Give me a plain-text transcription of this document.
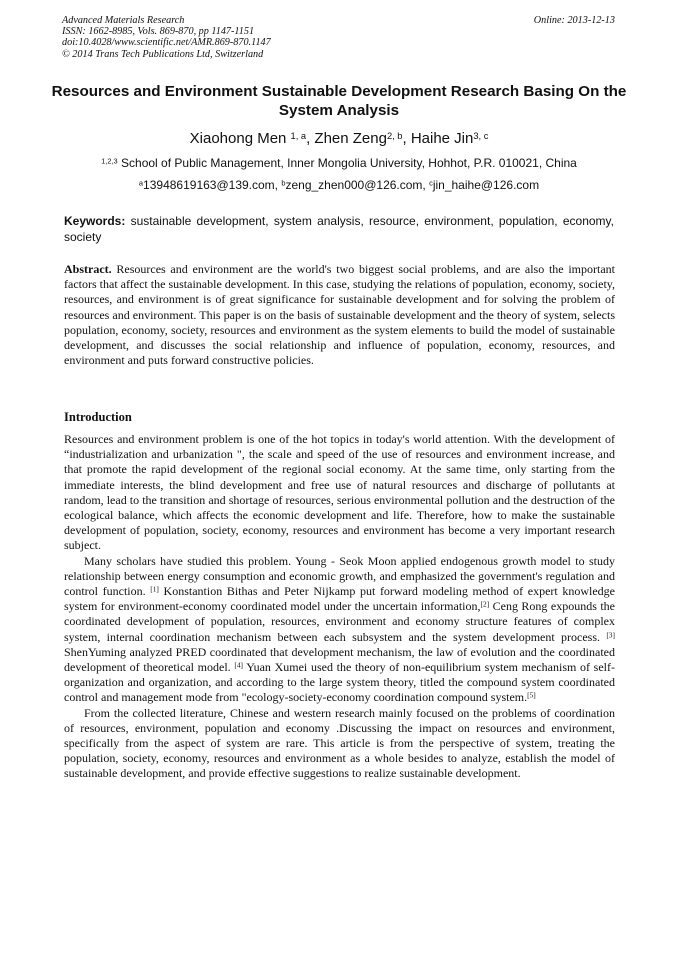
Advanced Materials Research
ISSN: 1662-8985, Vols. 869-870, pp 1147-1151
doi:10.4028/www.scientific.net/AMR.869-870.1147
© 2014 Trans Tech Publications Ltd, Switzerland
Online: 2013-12-13
Resources and Environment Sustainable Development Research Basing On the System Analysis
Xiaohong Men $^{1, a}$, Zhen Zeng$^{2, b}$, Haihe Jin$^{3, c}$
$^{1,2,3}$ School of Public Management, Inner Mongolia University, Hohhot, P.R. 010021, China
$^a$13948619163@139.com, $^b$zeng_zhen000@126.com, $^c$jin_haihe@126.com
Keywords: sustainable development, system analysis, resource, environment, population, economy, society
Abstract. Resources and environment are the world's two biggest social problems, and are also the important factors that affect the sustainable development. In this case, studying the relations of population, economy, society, resources, and environment is of great significance for sustainable development and for solving the problem of resources and environment. This paper is on the basis of sustainable development and the theory of system, selects population, economy, society, resources and environment as the system elements to build the model of sustainable development, and discusses the social relationship and influence of population, economy, resources, and environment and puts forward constructive policies.
Introduction

Resources and environment problem is one of the hot topics in today's world attention. With the development of “industrialization and urbanization ", the scale and speed of the use of resources and environment increase, and that promote the rapid development of the regional social economy. At the same time, only starting from the immediate interests, the blind development and free use of natural resources and discharge of pollutants at random, lead to the transition and shortage of resources, serious environmental pollution and the destruction of the ecological balance, which affects the economic development and life. Therefore, how to make the sustainable development of population, society, economy, resources and environment has become a very important research subject.

Many scholars have studied this problem. Young - Seok Moon applied endogenous growth model to study relationship between energy consumption and economic growth, and emphasized the government's regulation and control function. [1] Konstantion Bithas and Peter Nijkamp put forward modeling method of expert knowledge system for environment-economy coordinated model under the uncertain information,[2] Ceng Rong expounds the coordinated development of population, resources, environment and economy structure features of complex system, internal coordination mechanism between each subsystem and the system development process. [3] ShenYuming analyzed PRED coordinated that development mechanism, the law of evolution and the coordinated development of theoretical model. [4] Yuan Xumei used the theory of non-equilibrium system mechanism of self-organization and organization, and according to the large system theory, titled the compound system coordinated control and management mode from "ecology-society-economy coordination compound system.[5]

From the collected literature, Chinese and western research mainly focused on the problems of coordination of resources, environment, population and economy .Discussing the impact on resources and environment, specifically from the aspect of system are rare. This article is from the perspective of system, treating the population, society, economy, resources and environment as a whole besides to analyze, establish the model of sustainable development, and provide effective suggestions to realize sustainable development.
